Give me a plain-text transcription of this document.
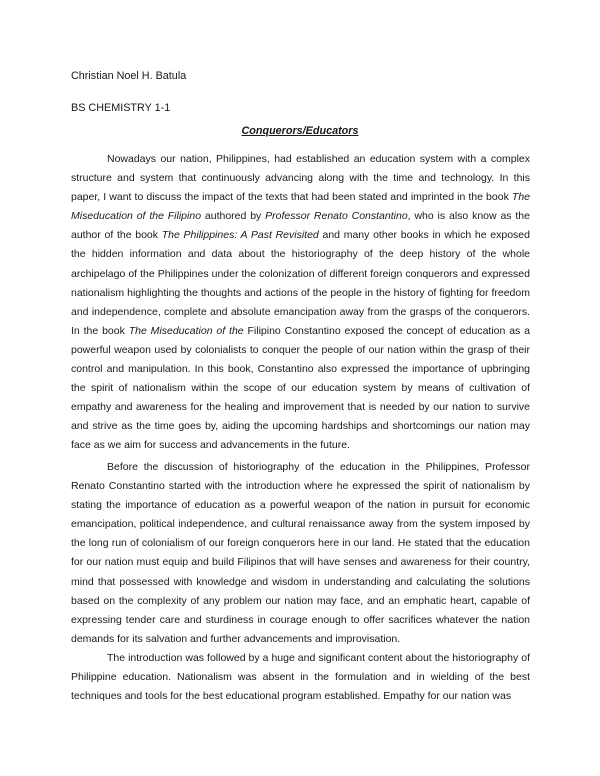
Christian Noel H. Batula
BS CHEMISTRY 1-1
Conquerors/Educators

Nowadays our nation, Philippines, had established an education system with a complex structure and system that continuously advancing along with the time and technology. In this paper, I want to discuss the impact of the texts that had been stated and imprinted in the book The Miseducation of the Filipino authored by Professor Renato Constantino, who is also know as the author of the book The Philippines: A Past Revisited and many other books in which he exposed the hidden information and data about the historiography of the deep history of the whole archipelago of the Philippines under the colonization of different foreign conquerors and expressed nationalism highlighting the thoughts and actions of the people in the history of fighting for freedom and independence, complete and absolute emancipation away from the grasps of the conquerors. In the book The Miseducation of the Filipino Constantino exposed the concept of education as a powerful weapon used by colonialists to conquer the people of our nation within the grasp of their control and manipulation. In this book, Constantino also expressed the importance of upbringing the spirit of nationalism within the scope of our education system by means of cultivation of empathy and awareness for the healing and improvement that is needed by our nation to survive and strive as the time goes by, aiding the upcoming hardships and shortcomings our nation may face as we aim for success and advancements in the future.

Before the discussion of historiography of the education in the Philippines, Professor Renato Constantino started with the introduction where he expressed the spirit of nationalism by stating the importance of education as a powerful weapon of the nation in pursuit for economic emancipation, political independence, and cultural renaissance away from the system imposed by the long run of colonialism of our foreign conquerors here in our land. He stated that the education for our nation must equip and build Filipinos that will have senses and awareness for their country, mind that possessed with knowledge and wisdom in understanding and calculating the solutions based on the complexity of any problem our nation may face, and an emphatic heart, capable of expressing tender care and sturdiness in courage enough to offer sacrifices whatever the nation demands for its salvation and further advancements and improvisation.

The introduction was followed by a huge and significant content about the historiography of Philippine education. Nationalism was absent in the formulation and in wielding of the best techniques and tools for the best educational program established. Empathy for our nation was
